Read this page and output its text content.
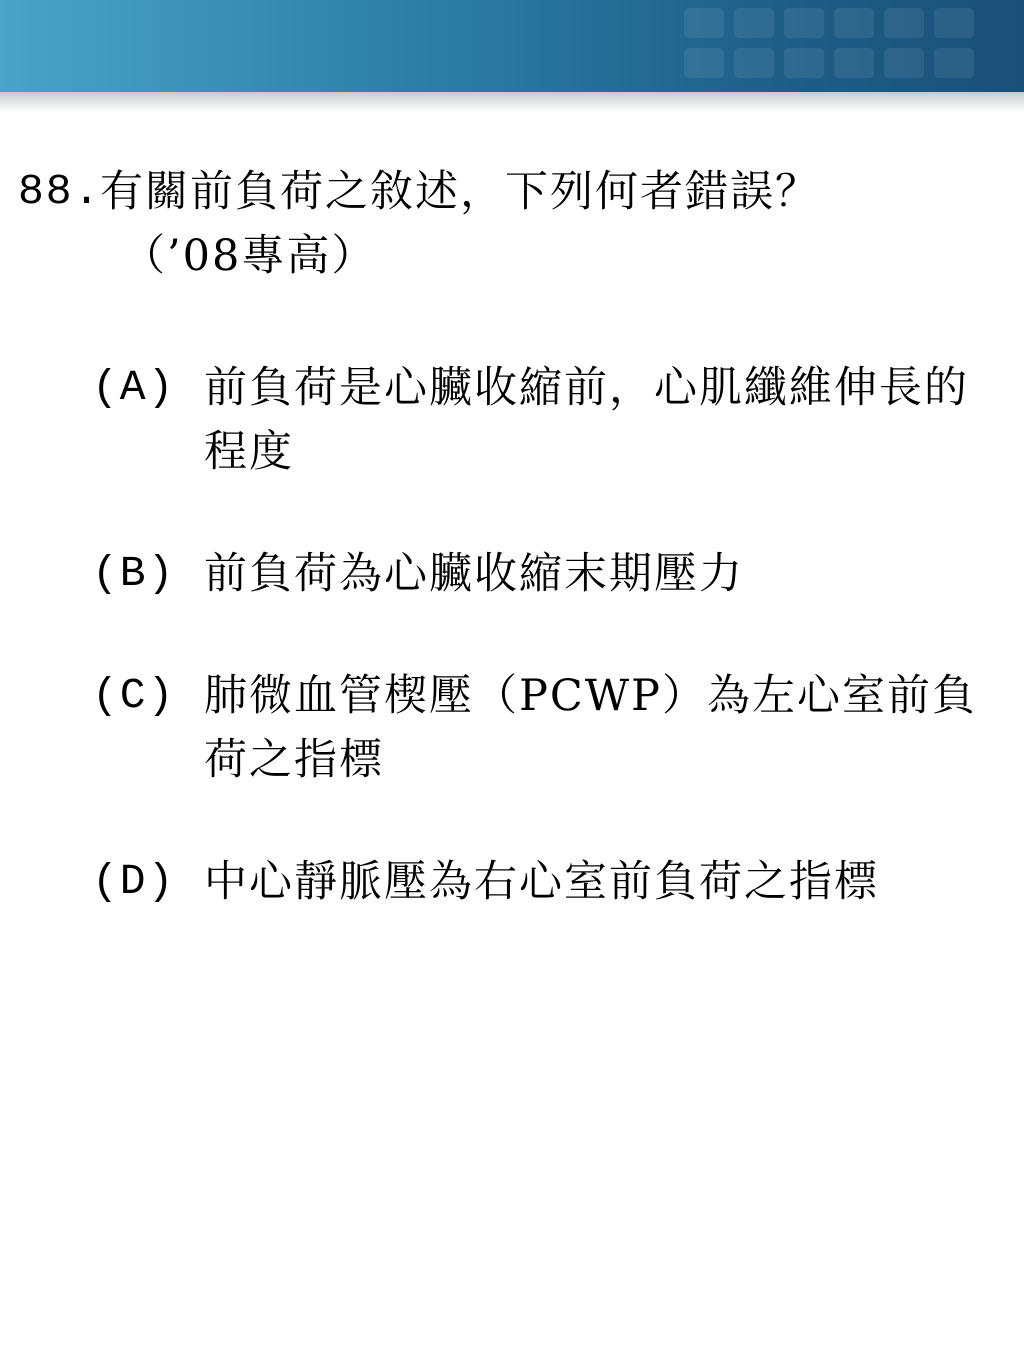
88.
有關前負荷之敘述，下列何者錯誤？
（’08專高）
(A) 前負荷是心臟收縮前，心肌纖維伸長的程度
(B) 前負荷為心臟收縮末期壓力
(C) 肺微血管楔壓（PCWP）為左心室前負荷之指標
(D) 中心靜脈壓為右心室前負荷之指標
